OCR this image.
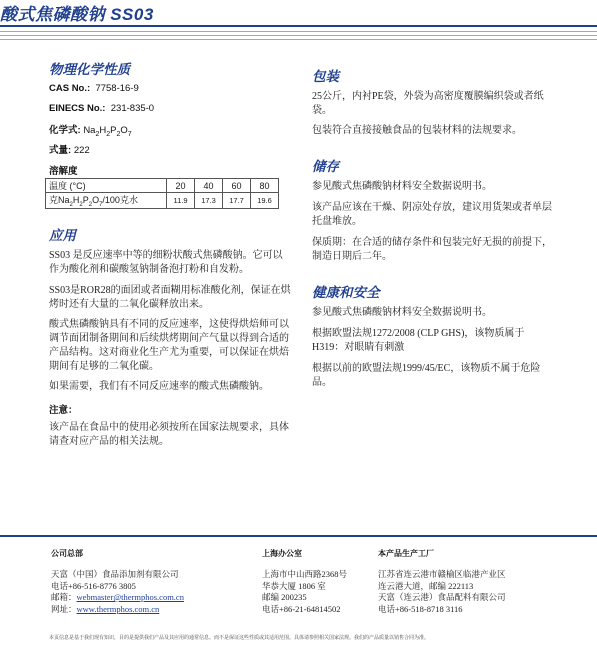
酸式焦磷酸钠 SS03
物理化学性质
CAS No.: 7758-16-9
EINECS No.: 231-835-0
化学式: $Na_2H_2P_2O_7$
式量: 222
溶解度
温度 (°C)	20	40	60	80
克$Na_2H_2P_2O_7/100$克水	11.9	17.3	17.7	19.6
应用
SS03 是反应速率中等的细粉状酸式焦磷酸钠。它可以作为酸化剂和碳酸氢钠制备泡打粉和自发粉。
SS03是ROR28的面团或者面糊用标准酸化剂，保证在烘烤时还有大量的二氧化碳释放出来。
酸式焦磷酸钠具有不同的反应速率，这使得烘焙师可以调节面团制备期间和后续烘烤期间产气量以得到合适的产品结构。这对商业化生产尤为重要，可以保证在烘焙期间有足够的二氧化碳。
如果需要，我们有不同反应速率的酸式焦磷酸钠。
注意：
该产品在食品中的使用必须按所在国家法规要求，具体请查对应产品的相关法规。
包装
25公斤，内衬PE袋，外袋为高密度覆膜编织袋或者纸袋。
包装符合直接接触食品的包装材料的法规要求。
储存
参见酸式焦磷酸钠材料安全数据说明书。
该产品应该在干燥、阴凉处存放，建议用货架或者单层托盘堆放。
保质期：在合适的储存条件和包装完好无损的前提下，制造日期后二年。
健康和安全
参见酸式焦磷酸钠材料安全数据说明书。
根据欧盟法规1272/2008 (CLP GHS)，该物质属于H319：对眼睛有刺激
根据以前的欧盟法规1999/45/EC，该物质不属于危险品。
公司总部
天富（中国）食品添加剂有限公司
电话+86-516-8776 3805
邮箱：webmaster@thermphos.com.cn
网址：www.thermphos.com.cn
上海办公室
上海市中山西路2368号
华恭大厦 1806 室
邮编 200235
电话+86-21-64814502
本产品生产工厂
江苏省连云港市赣榆区临港产业区
连云港大道，邮编 222113
天富（连云港）食品配料有限公司
电话+86-518-8718 3116
本页信息是基于我们现有知识，目的是提供我们产品及其应用的通常信息。而不是保证这些性质或其适用范围。具体请参照相关国家法规。我们的产品质量以销售合同为准。
